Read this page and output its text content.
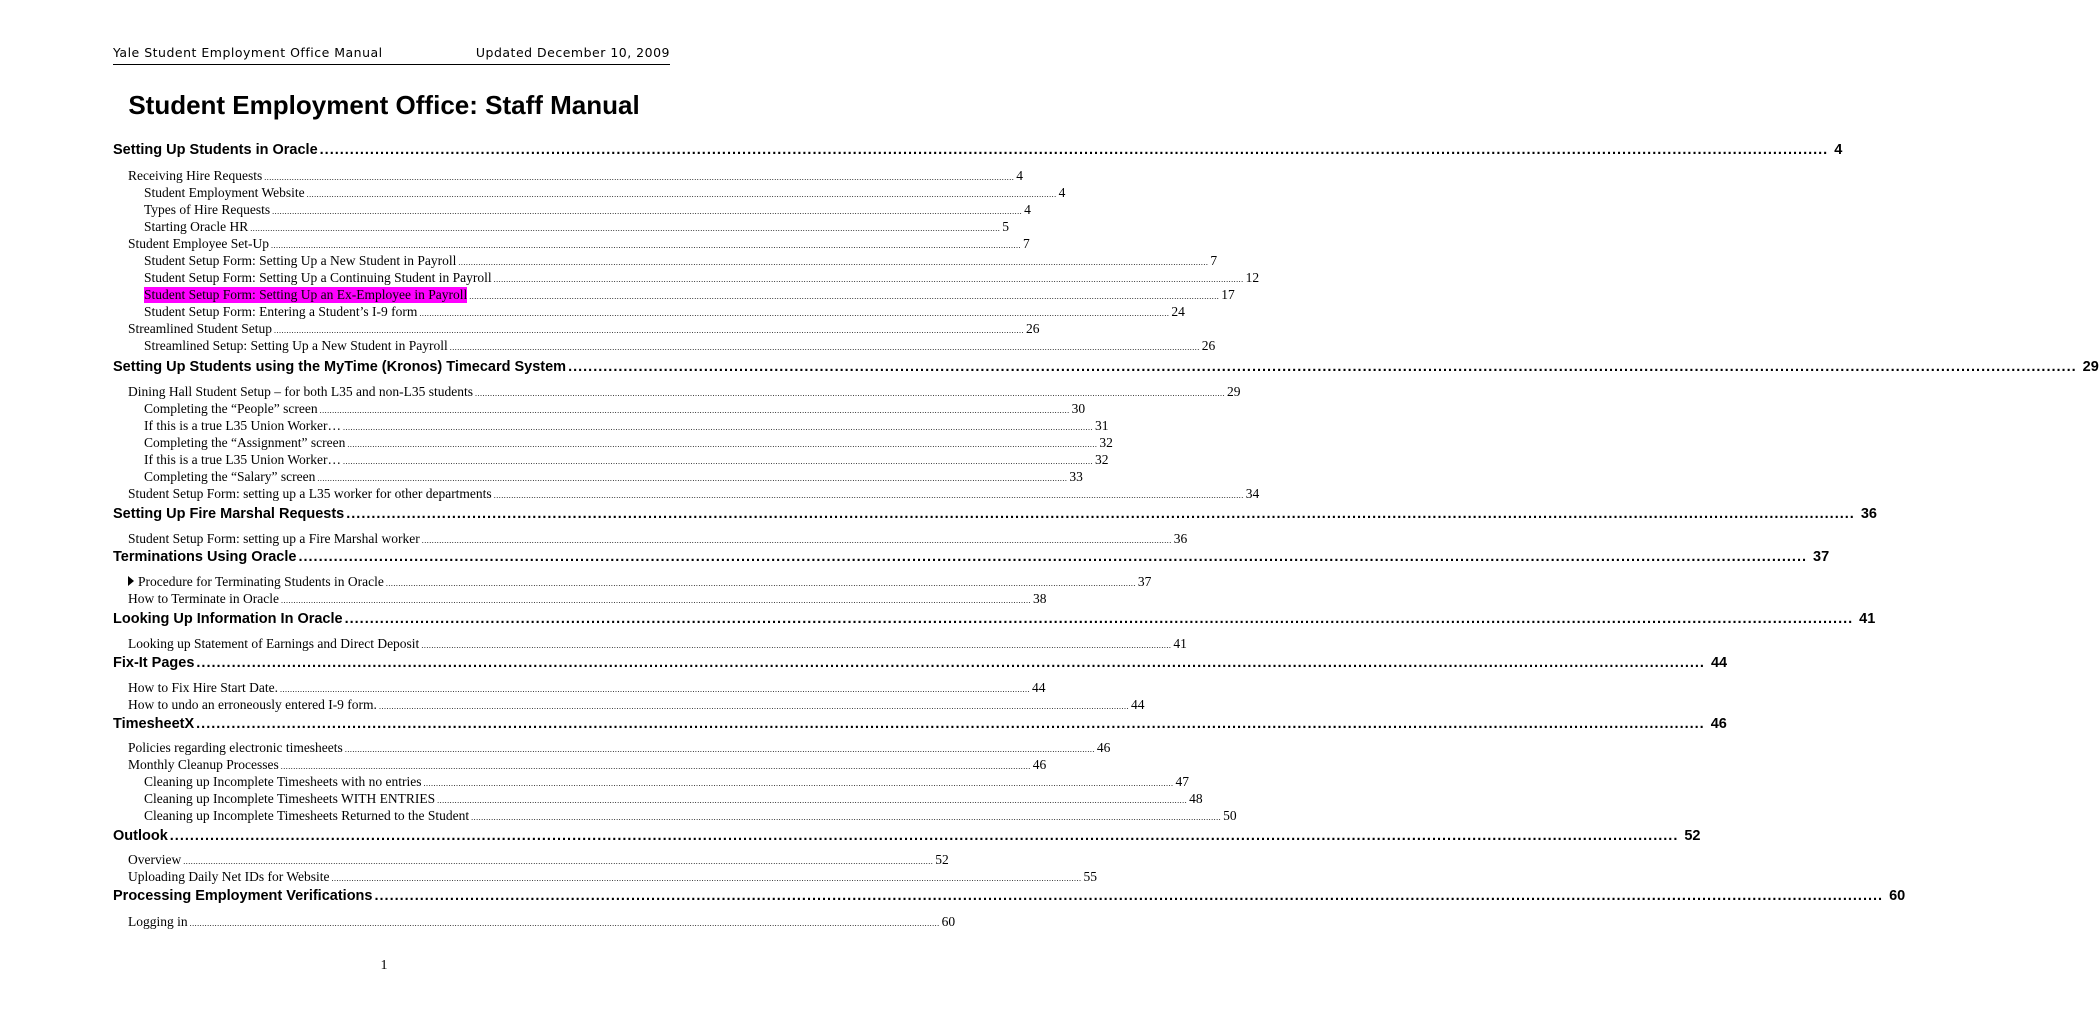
Yale Student Employment Office Manual	Updated December 10, 2009
Student Employment Office: Staff Manual
Setting Up Students in Oracle ............................................................................................................................................................................................................................................................................................................ 4
Receiving Hire Requests ............................................................................................................................................................................................................................................................................................................ 4
Student Employment Website ............................................................................................................................................................................................................................................................................................................ 4
Types of Hire Requests ............................................................................................................................................................................................................................................................................................................ 4
Starting Oracle HR ............................................................................................................................................................................................................................................................................................................ 5
Student Employee Set-Up ............................................................................................................................................................................................................................................................................................................ 7
Student Setup Form: Setting Up a New Student in Payroll ............................................................................................................................................................................................................................................................................................................ 7
Student Setup Form: Setting Up a Continuing Student in Payroll ............................................................................................................................................................................................................................................................................................................ 12
Student Setup Form: Setting Up an Ex-Employee in Payroll ............................................................................................................................................................................................................................................................................................................ 17
Student Setup Form: Entering a Student’s I-9 form ............................................................................................................................................................................................................................................................................................................ 24
Streamlined Student Setup ............................................................................................................................................................................................................................................................................................................ 26
Streamlined Setup: Setting Up a New Student in Payroll ............................................................................................................................................................................................................................................................................................................ 26
Setting Up Students using the MyTime (Kronos) Timecard System ............................................................................................................................................................................................................................................................................................................ 29
Dining Hall Student Setup – for both L35 and non-L35 students ............................................................................................................................................................................................................................................................................................................ 29
Completing the “People” screen ............................................................................................................................................................................................................................................................................................................ 30
If this is a true L35 Union Worker… ............................................................................................................................................................................................................................................................................................................ 31
Completing the “Assignment” screen ............................................................................................................................................................................................................................................................................................................ 32
If this is a true L35 Union Worker… ............................................................................................................................................................................................................................................................................................................ 32
Completing the “Salary” screen ............................................................................................................................................................................................................................................................................................................ 33
Student Setup Form: setting up a L35 worker for other departments ............................................................................................................................................................................................................................................................................................................ 34
Setting Up Fire Marshal Requests ............................................................................................................................................................................................................................................................................................................ 36
Student Setup Form: setting up a Fire Marshal worker ............................................................................................................................................................................................................................................................................................................ 36
Terminations Using Oracle ............................................................................................................................................................................................................................................................................................................ 37
Procedure for Terminating Students in Oracle ............................................................................................................................................................................................................................................................................................................ 37
How to Terminate in Oracle ............................................................................................................................................................................................................................................................................................................ 38
Looking Up Information In Oracle ............................................................................................................................................................................................................................................................................................................ 41
Looking up Statement of Earnings and Direct Deposit ............................................................................................................................................................................................................................................................................................................ 41
Fix-It Pages ............................................................................................................................................................................................................................................................................................................ 44
How to Fix Hire Start Date. ............................................................................................................................................................................................................................................................................................................ 44
How to undo an erroneously entered I-9 form. ............................................................................................................................................................................................................................................................................................................ 44
TimesheetX ............................................................................................................................................................................................................................................................................................................ 46
Policies regarding electronic timesheets ............................................................................................................................................................................................................................................................................................................ 46
Monthly Cleanup Processes ............................................................................................................................................................................................................................................................................................................ 46
Cleaning up Incomplete Timesheets with no entries ............................................................................................................................................................................................................................................................................................................ 47
Cleaning up Incomplete Timesheets WITH ENTRIES ............................................................................................................................................................................................................................................................................................................ 48
Cleaning up Incomplete Timesheets Returned to the Student ............................................................................................................................................................................................................................................................................................................ 50
Outlook ............................................................................................................................................................................................................................................................................................................ 52
Overview ............................................................................................................................................................................................................................................................................................................ 52
Uploading Daily Net IDs for Website ............................................................................................................................................................................................................................................................................................................ 55
Processing Employment Verifications ............................................................................................................................................................................................................................................................................................................ 60
Logging in ............................................................................................................................................................................................................................................................................................................ 60
1
